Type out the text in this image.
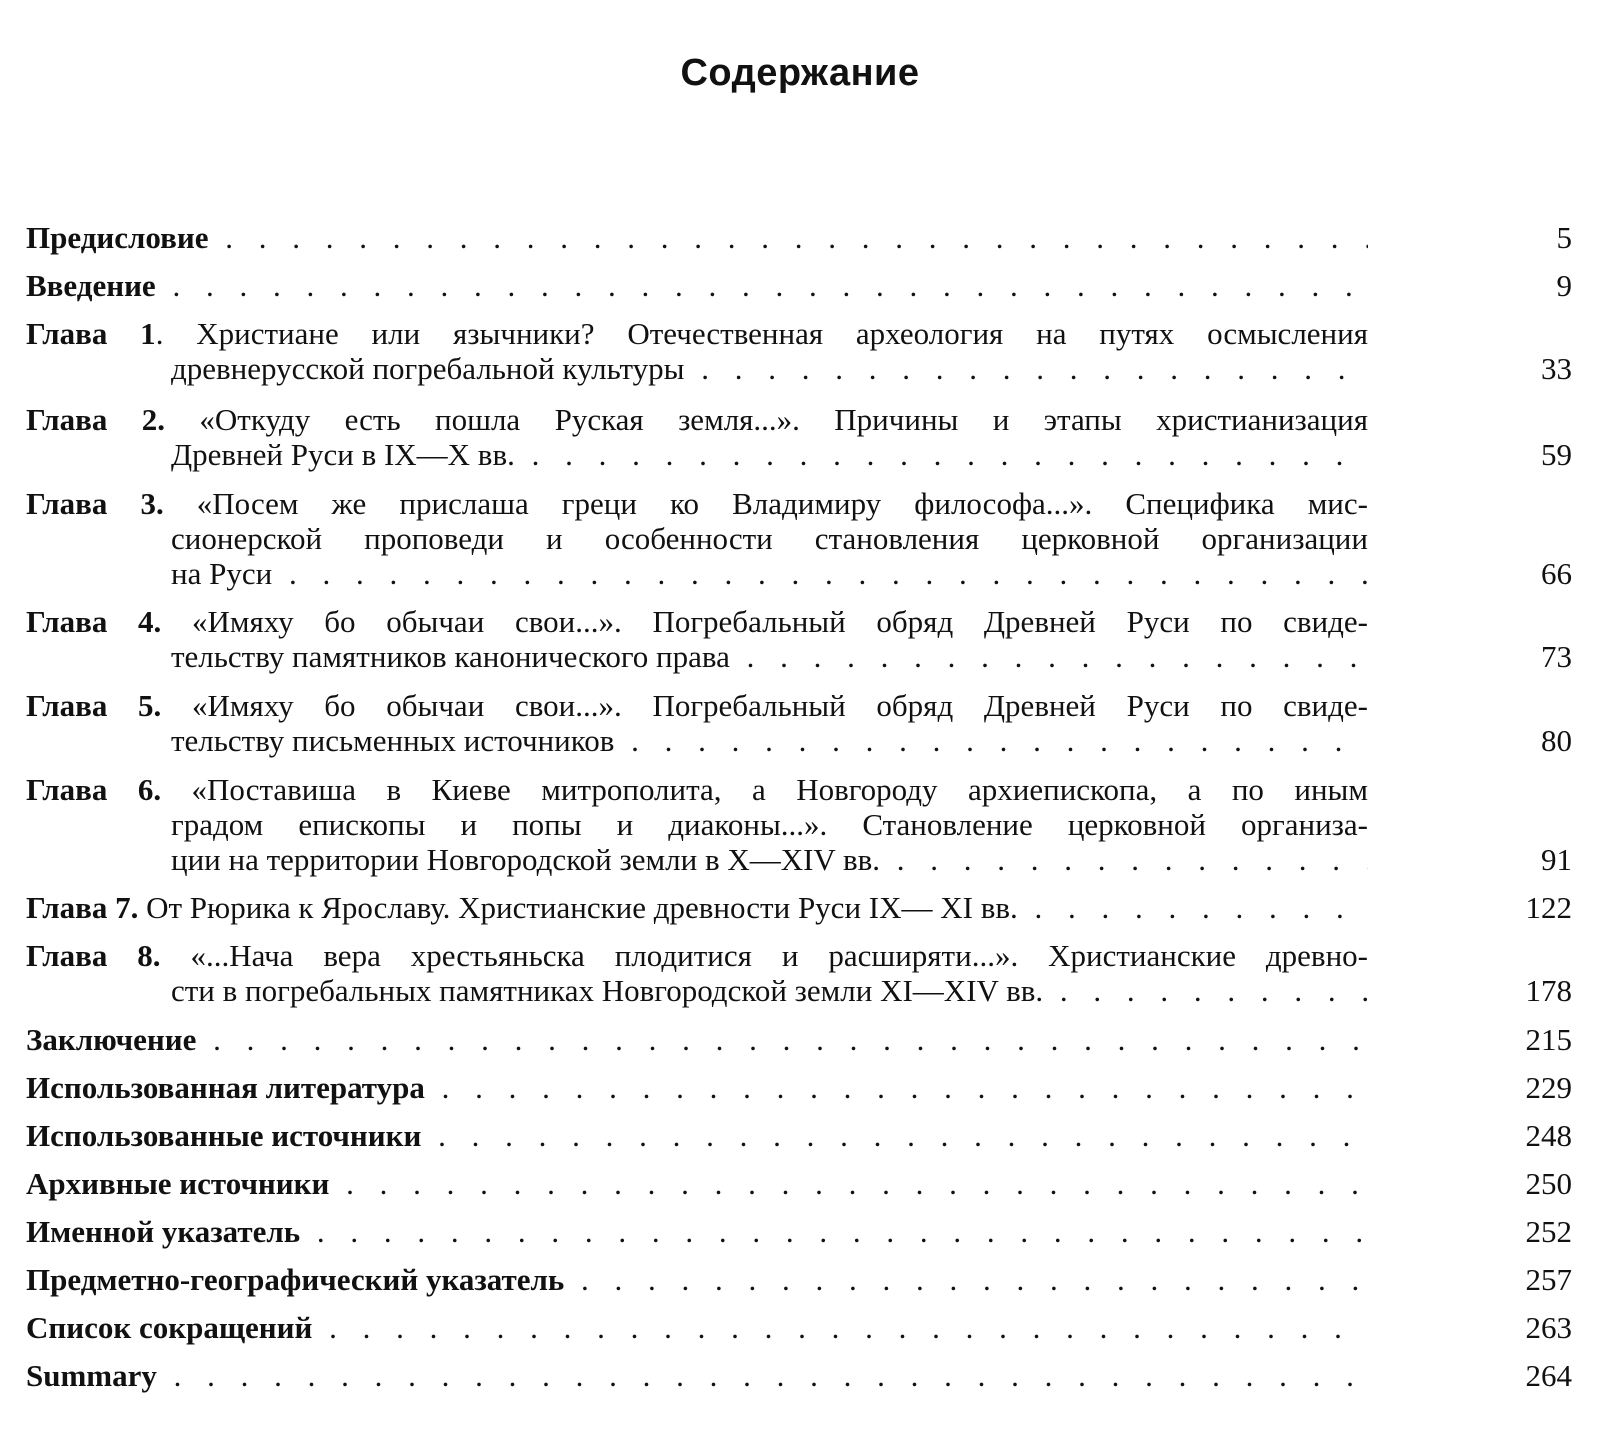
Содержание
Предисловие . . .	5
Введение . . .	9
Глава 1. Христиане или язычники? Отечественная археология на путях осмысления
древнерусской погребальной культуры . . .	33
Глава 2. «Откуду есть пошла Руская земля...». Причины и этапы христианизация
Древней Руси в IX—X вв. . . .	59
Глава 3. «Посем же прислаша греци ко Владимиру философа...». Специфика мис-
сионерской проповеди и особенности становления церковной организации
на Руси . . .	66
Глава 4. «Имяху бо обычаи свои...». Погребальный обряд Древней Руси по свиде-
тельству памятников канонического права . . .	73
Глава 5. «Имяху бо обычаи свои...». Погребальный обряд Древней Руси по свиде-
тельству письменных источников . . .	80
Глава 6. «Поставиша в Киеве митрополита, а Новгороду архиепископа, а по иным
градом епископы и попы и диаконы...». Становление церковной организа-
ции на территории Новгородской земли в X—XIV вв. . . .	91
Глава 7. От Рюрика к Ярославу. Христианские древности Руси IX— XI вв. . . .	122
Глава 8. «...Нача вера хрестьяньска плодитися и расширяти...». Христианские древно-
сти в погребальных памятниках Новгородской земли XI—XIV вв. . . .	178
Заключение . . .	215
Использованная литература . . .	229
Использованные источники . . .	248
Архивные источники . . .	250
Именной указатель . . .	252
Предметно-географический указатель . . .	257
Список сокращений . . .	263
Summary . . .	264
